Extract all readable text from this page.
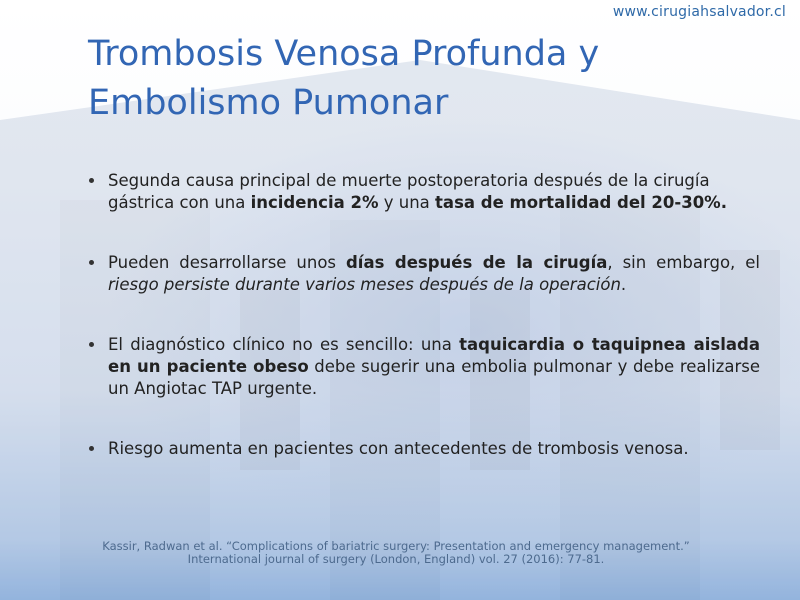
www.cirugiahsalvador.cl
Trombosis Venosa Profunda y
Embolismo Pumonar
Segunda causa principal de muerte postoperatoria después de la cirugía gástrica con una incidencia 2% y una tasa de mortalidad del 20-30%.
Pueden desarrollarse unos días después de la cirugía, sin embargo, el riesgo persiste durante varios meses después de la operación.
El diagnóstico clínico no es sencillo: una taquicardia o taquipnea aislada en un paciente obeso debe sugerir una embolia pulmonar y debe realizarse un Angiotac TAP urgente.
Riesgo aumenta en pacientes con antecedentes de trombosis venosa.
Kassir, Radwan et al. “Complications of bariatric surgery: Presentation and emergency management.”
International journal of surgery (London, England) vol. 27 (2016): 77-81.
